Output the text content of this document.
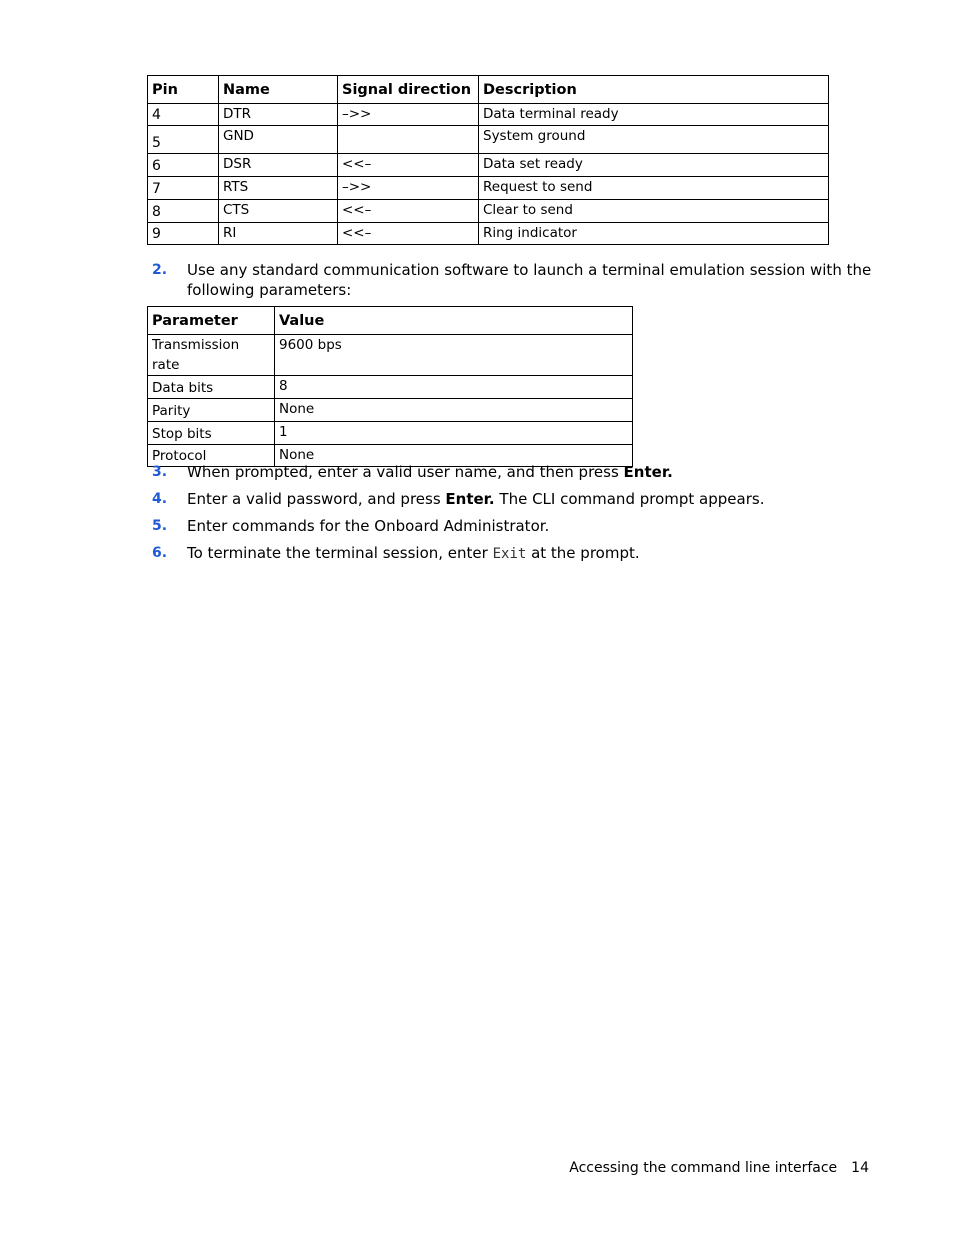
Pin	Name	Signal direction	Description
4	DTR	–>>	Data terminal ready
5	GND		System ground
6	DSR	<<–	Data set ready
7	RTS	–>>	Request to send
8	CTS	<<–	Clear to send
9	RI	<<–	Ring indicator
2. Use any standard communication software to launch a terminal emulation session with the following parameters:
Parameter	Value
Transmission rate	9600 bps
Data bits	8
Parity	None
Stop bits	1
Protocol	None
3. When prompted, enter a valid user name, and then press Enter.
4. Enter a valid password, and press Enter. The CLI command prompt appears.
5. Enter commands for the Onboard Administrator.
6. To terminate the terminal session, enter Exit at the prompt.
Accessing the command line interface 14
